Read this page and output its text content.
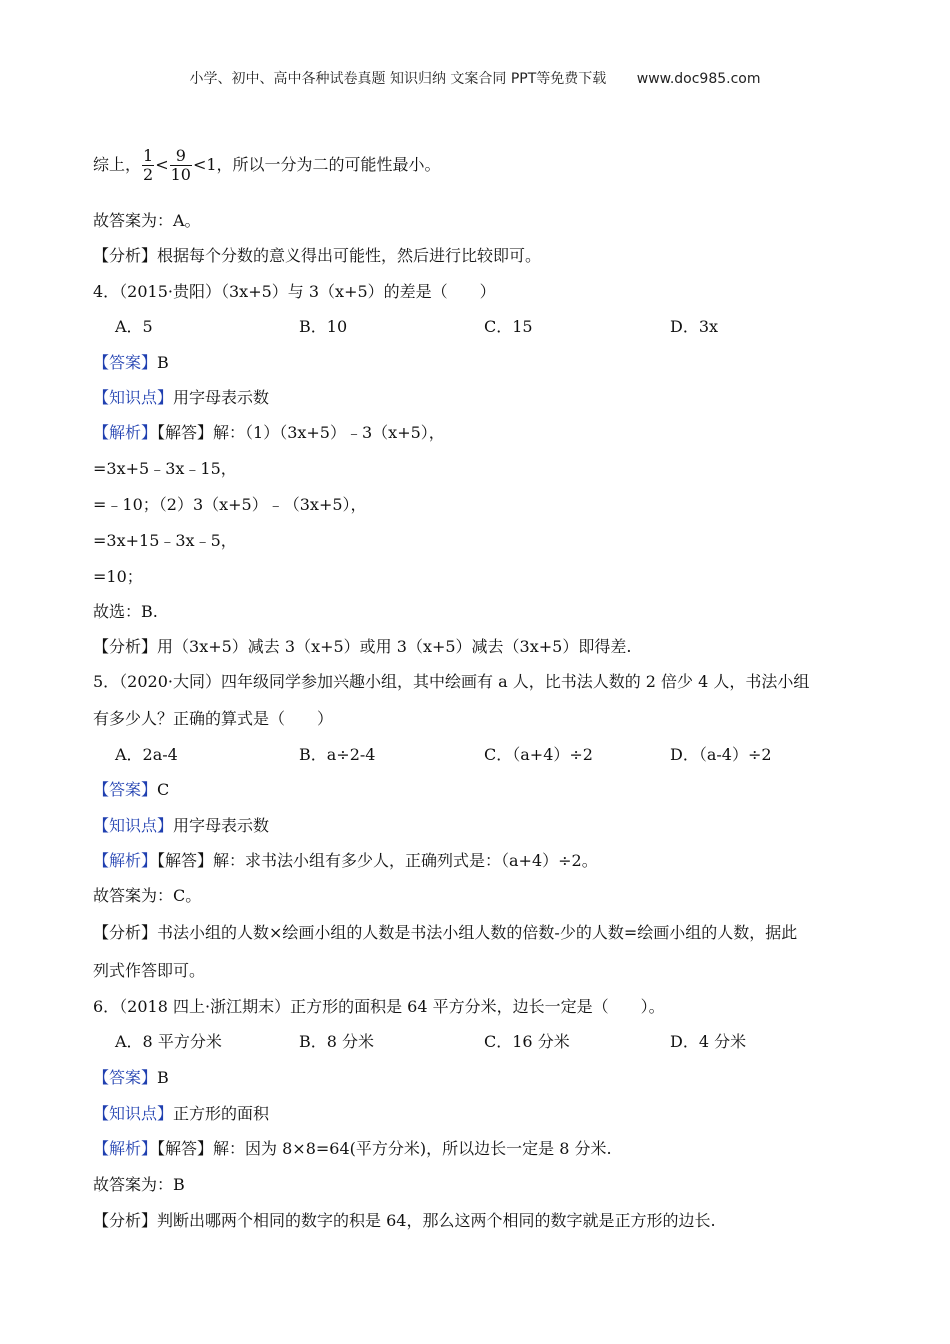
小学、初中、高中各种试卷真题 知识归纳 文案合同 PPT等免费下载 www.doc985.com
综上， $\frac{1}{2} < \frac{9}{10} <1$，所以一分为二的可能性最小。
故答案为：A。
【分析】根据每个分数的意义得出可能性，然后进行比较即可。
4．（2015·贵阳）（3x+5）与 3（x+5）的差是（　　）
A．5	B．10	C．15	D．3x
【答案】B
【知识点】用字母表示数
【解析】【解答】解：（1）（3x+5）﹣3（x+5），
=3x+5﹣3x﹣15，
=﹣10；（2）3（x+5）﹣（3x+5），
=3x+15﹣3x﹣5，
=10；
故选：B.
【分析】用（3x+5）减去 3（x+5）或用 3（x+5）减去（3x+5）即得差.
5．（2020·大同）四年级同学参加兴趣小组，其中绘画有 a 人，比书法人数的 2 倍少 4 人，书法小组
有多少人？正确的算式是（　　）
A．2a-4	B．a÷2-4	C．（a+4）÷2	D．（a-4）÷2
【答案】C
【知识点】用字母表示数
【解析】【解答】解：求书法小组有多少人，正确列式是：（a+4）÷2。
故答案为：C。
【分析】书法小组的人数×绘画小组的人数是书法小组人数的倍数-少的人数=绘画小组的人数，据此
列式作答即可。
6．（2018 四上·浙江期末）正方形的面积是 64 平方分米，边长一定是（　　）。
A．8 平方分米	B．8 分米	C．16 分米	D．4 分米
【答案】B
【知识点】正方形的面积
【解析】【解答】解：因为 8×8=64(平方分米)，所以边长一定是 8 分米.
故答案为：B
【分析】判断出哪两个相同的数字的积是 64，那么这两个相同的数字就是正方形的边长.
